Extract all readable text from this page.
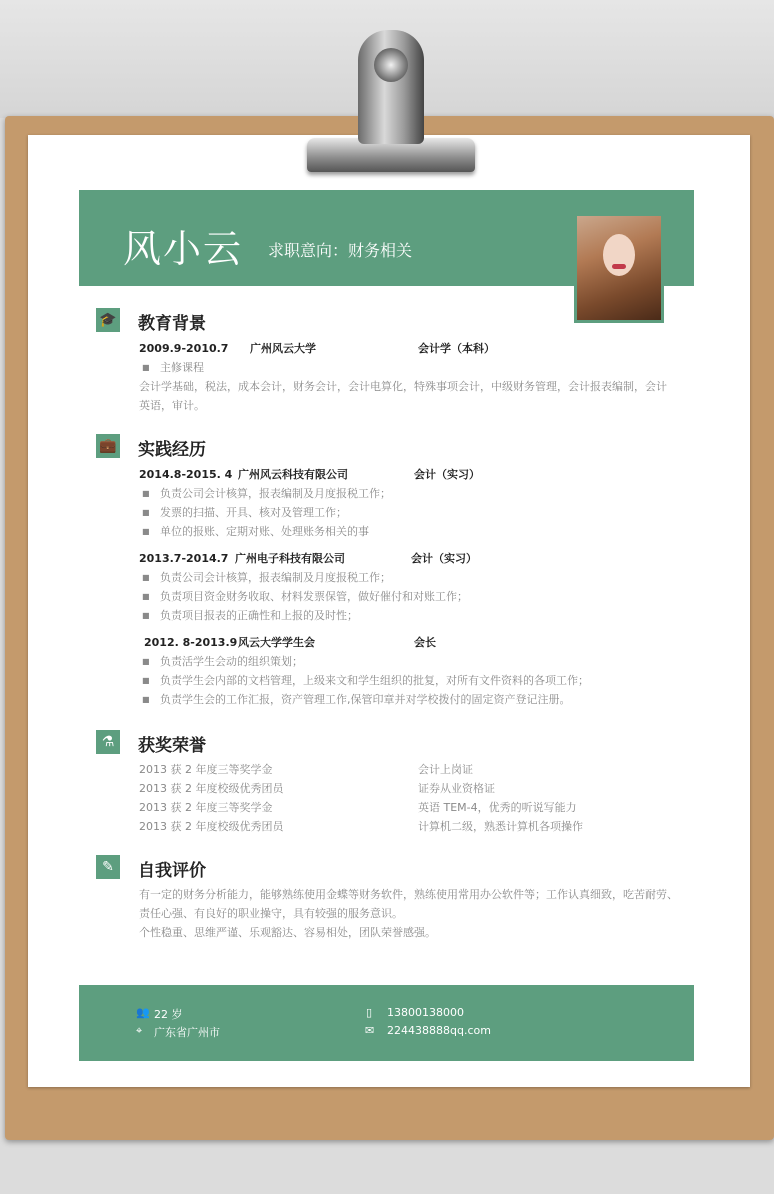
风小云 求职意向：财务相关
🎓 教育背景
2009.9-2010.7 广州风云大学	会计学（本科）
■ 主修课程
会计学基础，税法，成本会计，财务会计，会计电算化，特殊事项会计，中级财务管理，会计报表编制，会计
英语，审计。
💼 实践经历
2014.8-2015. 4 广州风云科技有限公司	会计（实习）
■ 负责公司会计核算，报表编制及月度报税工作；
■ 发票的扫描、开具、核对及管理工作；
■ 单位的报账、定期对账、处理账务相关的事
2013.7-2014.7 广州电子科技有限公司	会计（实习）
■ 负责公司会计核算，报表编制及月度报税工作；
■ 负责项目资金财务收取、材料发票保管，做好催付和对账工作；
■ 负责项目报表的正确性和上报的及时性；
2012. 8-2013.9 风云大学学生会	会长
■ 负责活学生会动的组织策划；
■ 负责学生会内部的文档管理，上级来文和学生组织的批复，对所有文件资料的各项工作；
■ 负责学生会的工作汇报，资产管理工作,保管印章并对学校拨付的固定资产登记注册。
⚗	获奖荣誉
2013 获 2 年度三等奖学金	会计上岗证
2013 获 2 年度校级优秀团员	证券从业资格证
2013 获 2 年度三等奖学金	英语 TEM-4，优秀的听说写能力
2013 获 2 年度校级优秀团员	计算机二级，熟悉计算机各项操作
✎	自我评价
有一定的财务分析能力，能够熟练使用金蝶等财务软件，熟练使用常用办公软件等；工作认真细致，吃苦耐劳、
责任心强、有良好的职业操守，具有较强的服务意识。
个性稳重、思维严谨、乐观豁达、容易相处，团队荣誉感强。
👥 22 岁
⌖ 广东省广州市
▯ 13800138000
✉ 224438888qq.com
